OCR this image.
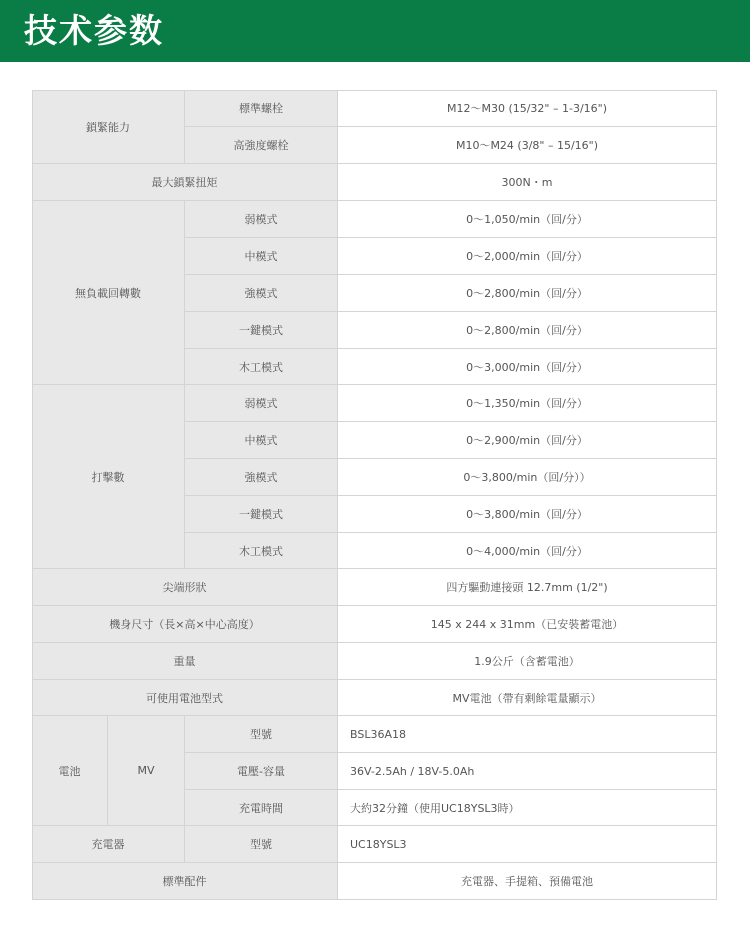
技术参数
鎖緊能力
標準螺栓	M12～M30 (15/32" – 1-3/16")
高強度螺栓	M10～M24 (3/8" – 15/16")
最大鎖緊扭矩	300N・m
無負載回轉數
弱模式	0～1,050/min（回/分）
中模式	0～2,000/min（回/分）
強模式	0～2,800/min（回/分）
一鍵模式	0～2,800/min（回/分）
木工模式	0～3,000/min（回/分）
打擊數
弱模式	0～1,350/min（回/分）
中模式	0～2,900/min（回/分）
強模式	0～3,800/min（回/分））
一鍵模式	0～3,800/min（回/分）
木工模式	0～4,000/min（回/分）
尖端形狀	四方驅動連接頭 12.7mm (1/2")
機身尺寸（長×高×中心高度）	145 x 244 x 31mm（已安裝蓄電池）
重量	1.9公斤（含蓄電池）
可使用電池型式	MV電池（帶有剩餘電量顯示）
電池	MV
型號	BSL36A18
電壓-容量	36V-2.5Ah / 18V-5.0Ah
充電時間	大約32分鐘（使用UC18YSL3時）
充電器	型號	UC18YSL3
標準配件	充電器、手提箱、預備電池
